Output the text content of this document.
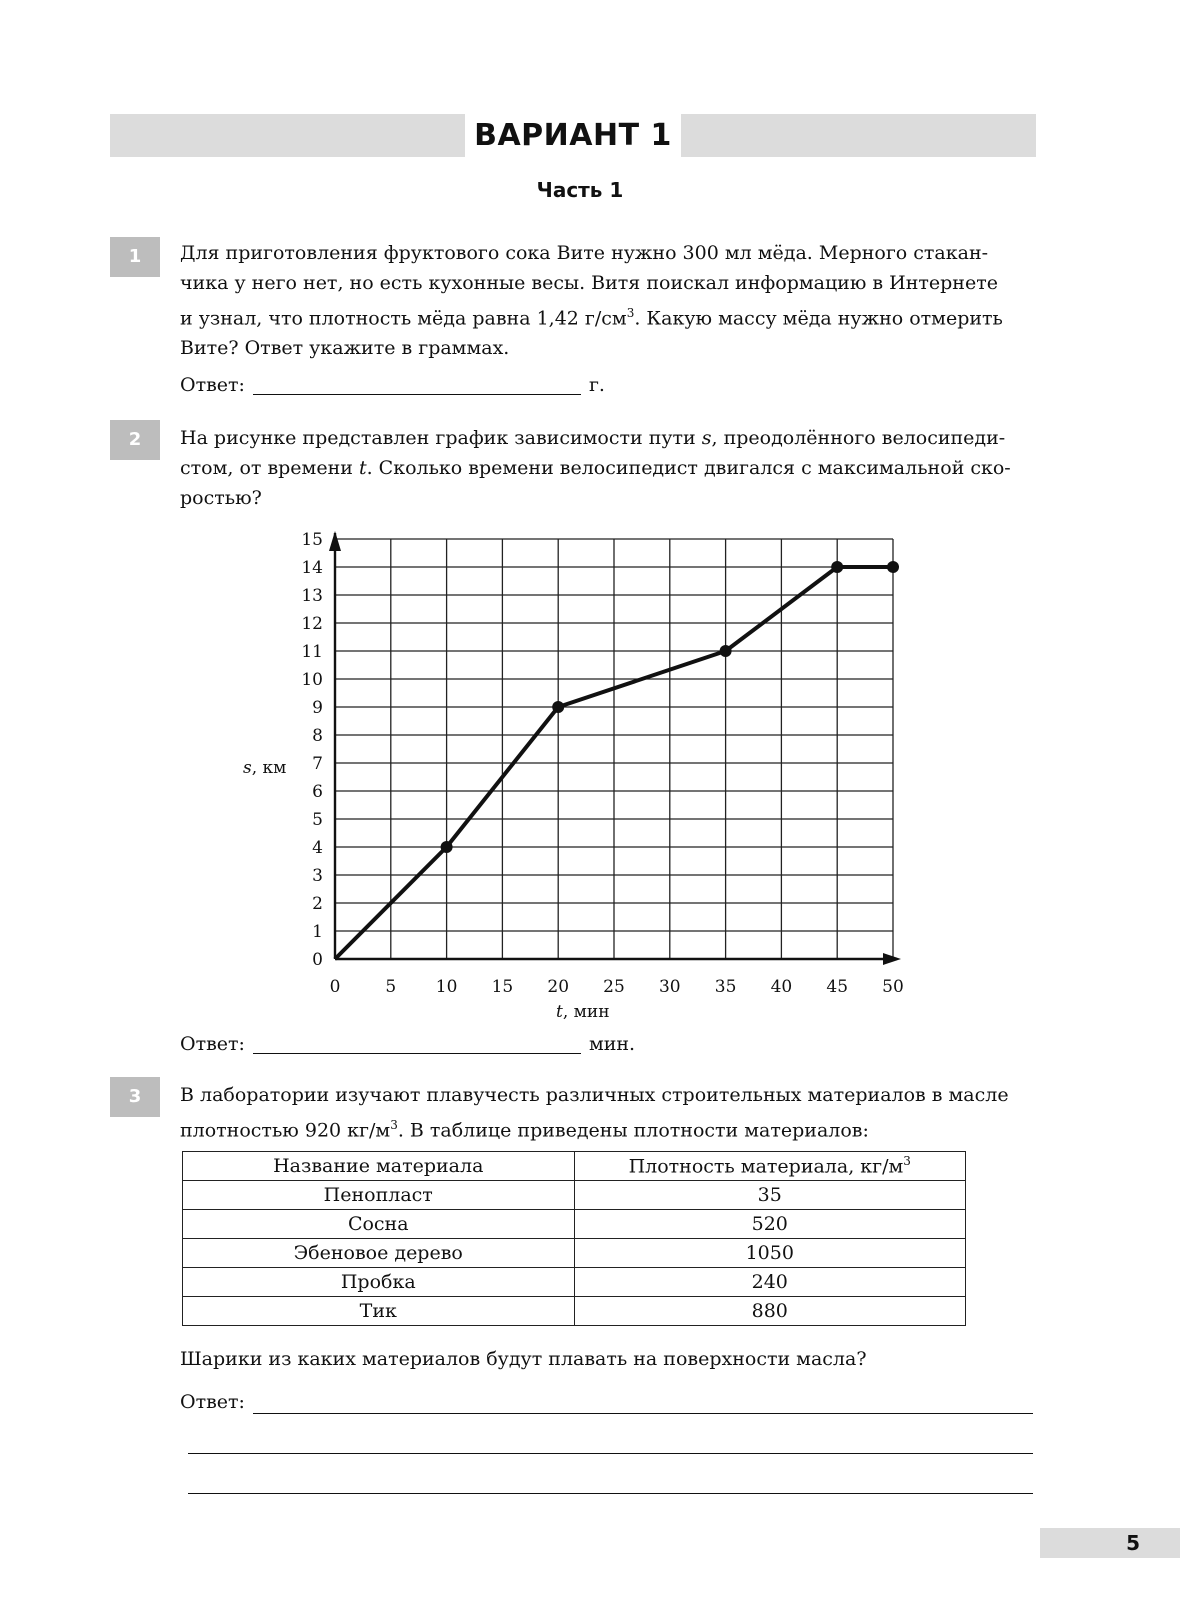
ВАРИАНТ 1
Часть 1
1	Для приготовления фруктового сока Вите нужно 300 мл мёда. Мерного стакан-
чика у него нет, но есть кухонные весы. Витя поискал информацию в Интернете
и узнал, что плотность мёда равна 1,42 $г/см^3$. Какую массу мёда нужно отмерить
Вите? Ответ укажите в граммах.
Ответ:	г.
2	На рисунке представлен график зависимости пути s, преодолённого велосипеди-
стом, от времени t. Сколько времени велосипедист двигался с максимальной ско-
ростью?
0
1
2
3
4
5
6
7
8
9
10
11
12
13
14
15
0	5 10 15 20 25 30 35 40 45 50
s, км
t, мин
Ответ:	мин.
3	В лаборатории изучают плавучесть различных строительных материалов в масле
плотностью 920 $кг/м^3$. В таблице приведены плотности материалов:
Название материала	Плотность материала, $кг/м^3$
Пенопласт	35
Сосна	520
Эбеновое дерево	1050
Пробка	240
Тик	880
Шарики из каких материалов будут плавать на поверхности масла?
Ответ:
5
